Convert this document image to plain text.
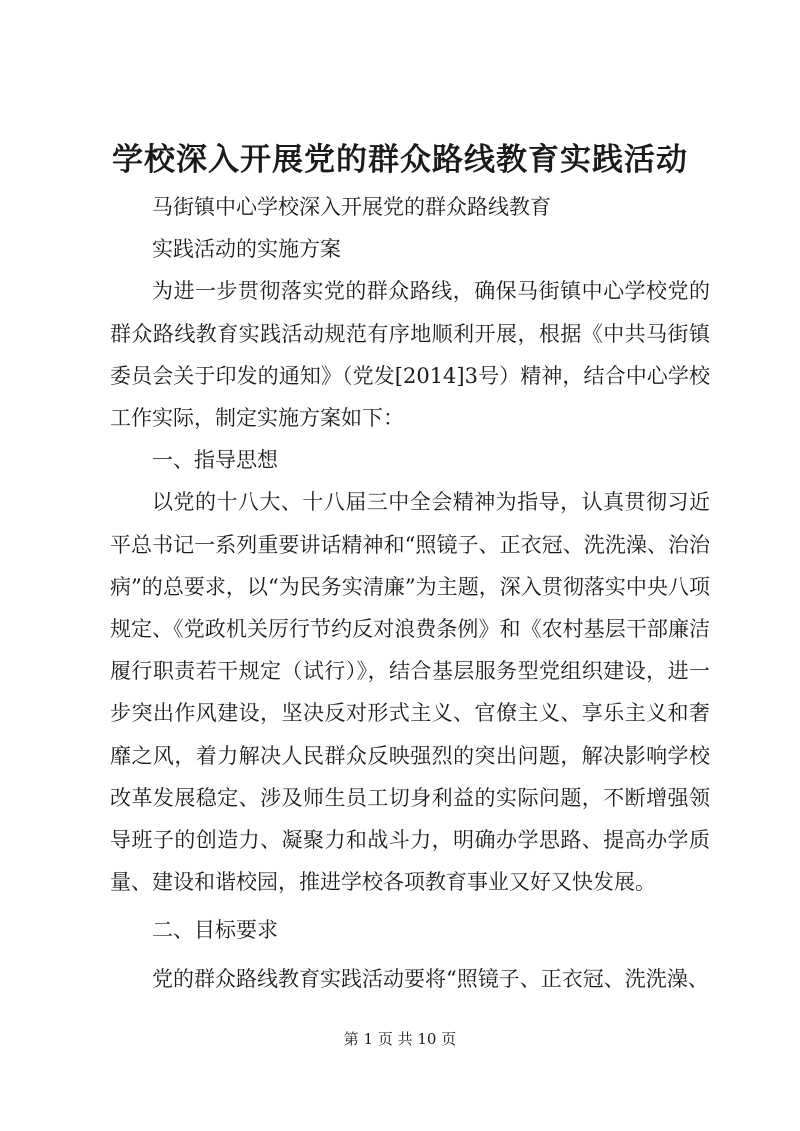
学校深入开展党的群众路线教育实践活动

马街镇中心学校深入开展党的群众路线教育

实践活动的实施方案

为进一步贯彻落实党的群众路线，确保马街镇中心学校党的群众路线教育实践活动规范有序地顺利开展，根据《中共马街镇委员会关于印发的通知》（党发[2014]3号）精神，结合中心学校工作实际，制定实施方案如下：

一、指导思想

以党的十八大、十八届三中全会精神为指导，认真贯彻习近平总书记一系列重要讲话精神和“照镜子、正衣冠、洗洗澡、治治病”的总要求，以“为民务实清廉”为主题，深入贯彻落实中央八项规定、《党政机关厉行节约反对浪费条例》和《农村基层干部廉洁履行职责若干规定（试行）》，结合基层服务型党组织建设，进一步突出作风建设，坚决反对形式主义、官僚主义、享乐主义和奢靡之风，着力解决人民群众反映强烈的突出问题，解决影响学校改革发展稳定、涉及师生员工切身利益的实际问题，不断增强领导班子的创造力、凝聚力和战斗力，明确办学思路、提高办学质量、建设和谐校园，推进学校各项教育事业又好又快发展。

二、目标要求

党的群众路线教育实践活动要将“照镜子、正衣冠、洗洗澡、

第 1 页 共 10 页
